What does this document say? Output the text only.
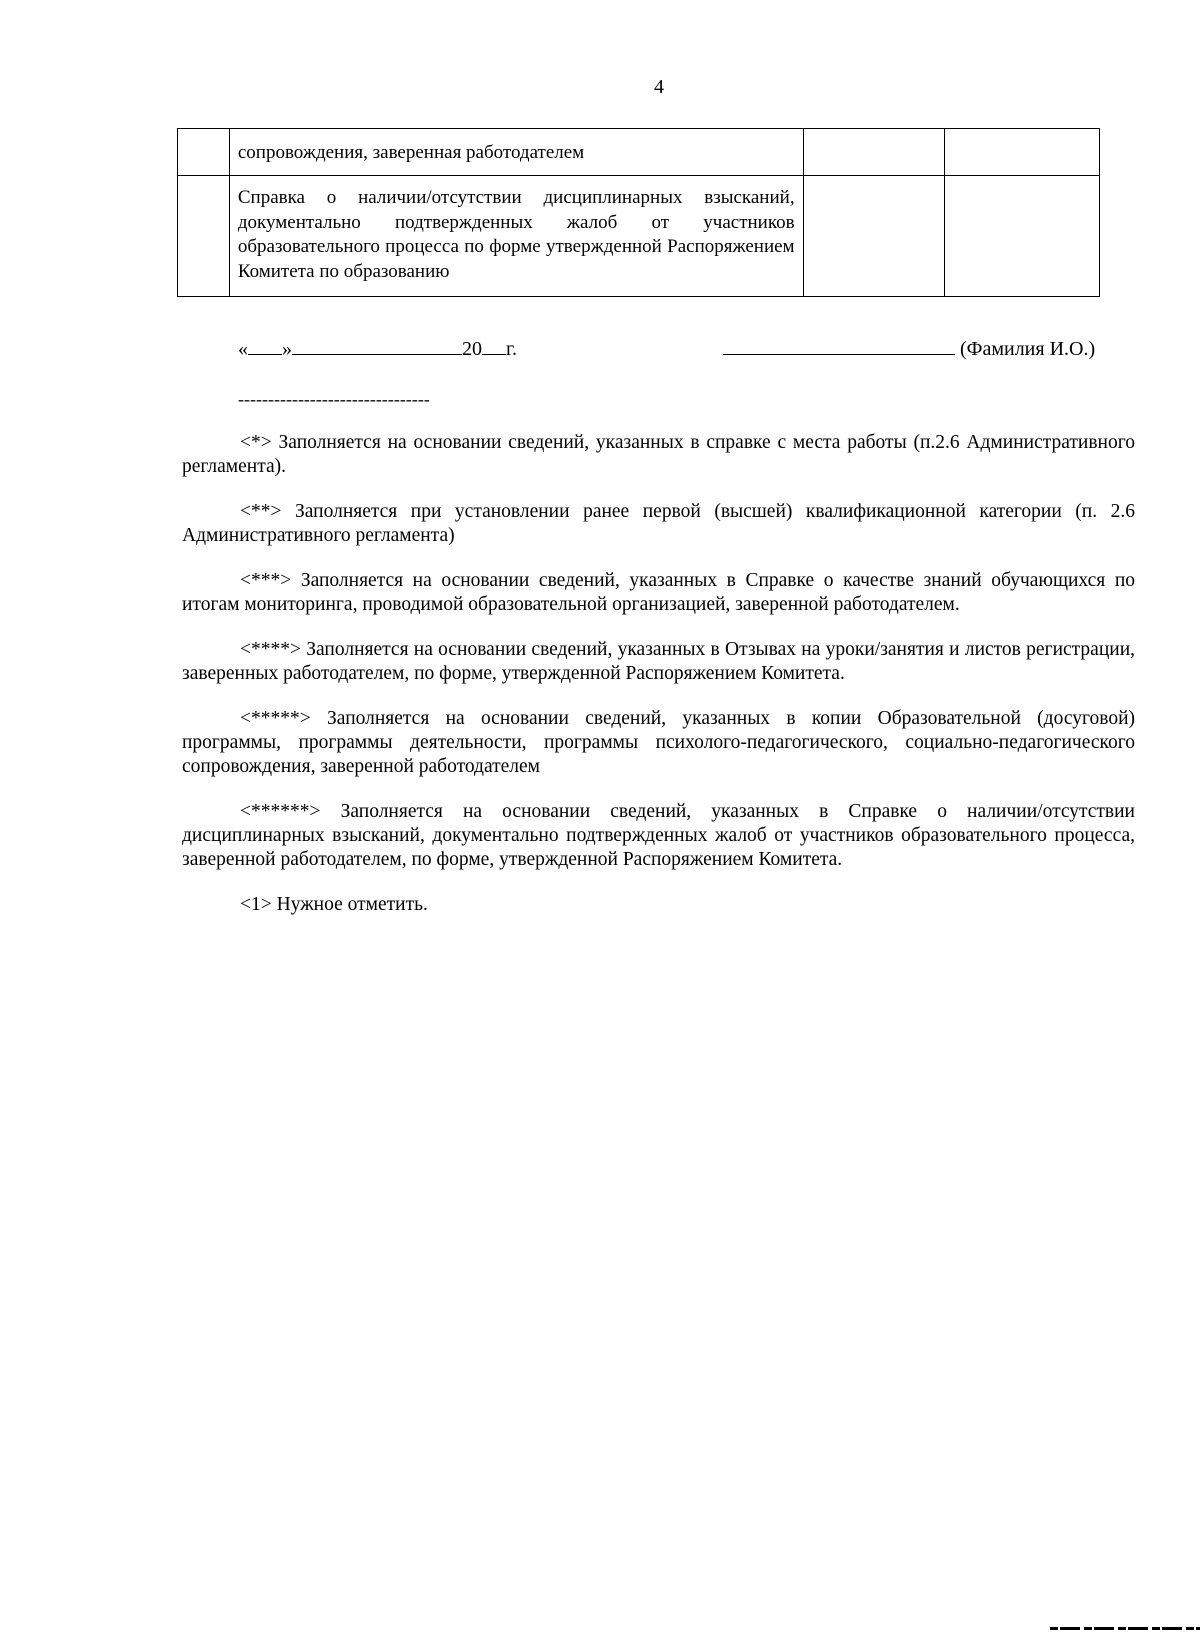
4
	сопровождения, заверенная работодателем		
	Справка о наличии/отсутствии дисциплинарных взысканий, документально подтвержденных жалоб от участников образовательного процесса по форме утвержденной Распоряжением Комитета по образованию		
« »	20 г.	(Фамилия И.О.)
--------------------------------

<*> Заполняется на основании сведений, указанных в справке с места работы (п.2.6 Административного регламента).

<**> Заполняется при установлении ранее первой (высшей) квалификационной категории (п. 2.6 Административного регламента)

<***> Заполняется на основании сведений, указанных в Справке о качестве знаний обучающихся по итогам мониторинга, проводимой образовательной организацией, заверенной работодателем.

<****> Заполняется на основании сведений, указанных в Отзывах на уроки/занятия и листов регистрации, заверенных работодателем, по форме, утвержденной Распоряжением Комитета.

<*****> Заполняется на основании сведений, указанных в копии Образовательной (досуговой) программы, программы деятельности, программы психолого-педагогического, социально-педагогического сопровождения, заверенной работодателем

<******> Заполняется на основании сведений, указанных в Справке о наличии/отсутствии дисциплинарных взысканий, документально подтвержденных жалоб от участников образовательного процесса, заверенной работодателем, по форме, утвержденной Распоряжением Комитета.

<1> Нужное отметить.
